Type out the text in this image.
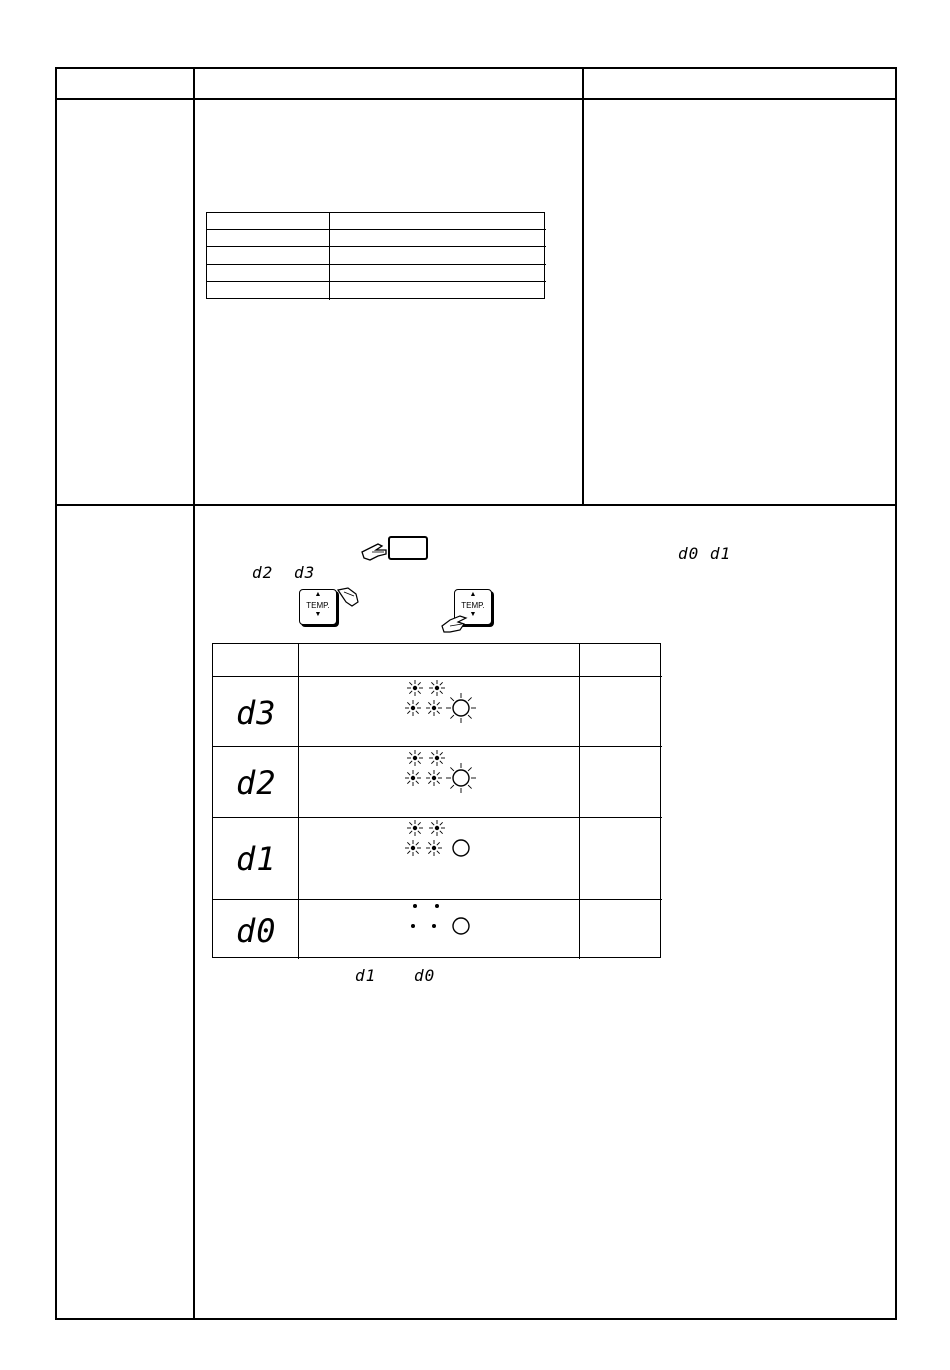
d0 d1
d2 d3
▲
TEMP.
▼
▲
TEMP.
▼
d3
d2
d1
d0
d1 d0
